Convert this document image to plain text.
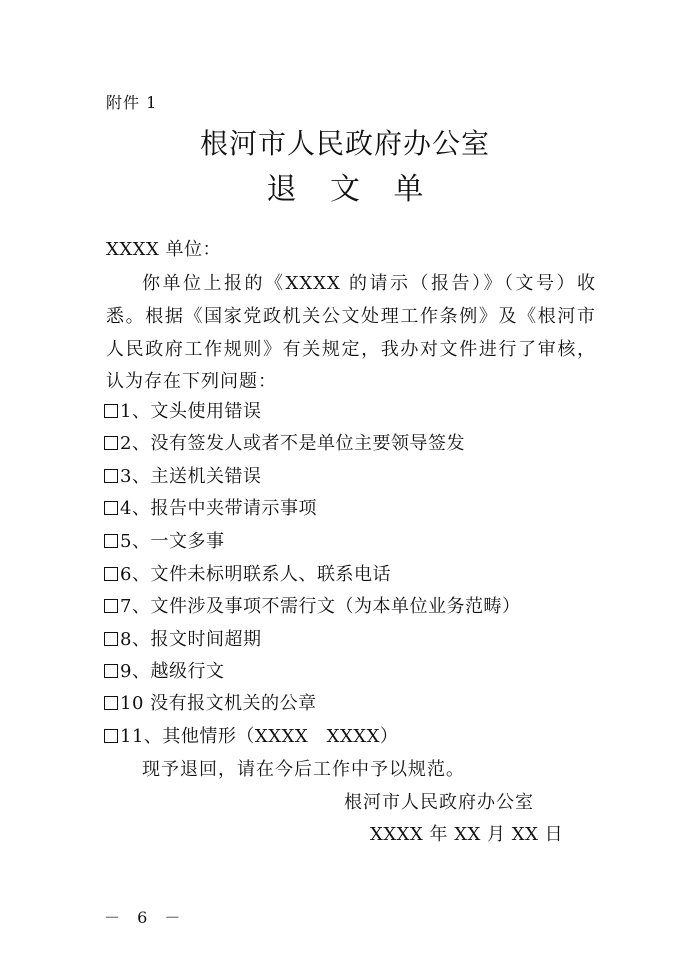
附件 1
根河市人民政府办公室
退 文 单
XXXX 单位：

你单位上报的《XXXX 的请示（报告）》（文号）收悉。根据《国家党政机关公文处理工作条例》及《根河市人民政府工作规则》有关规定，我办对文件进行了审核，认为存在下列问题：

1、文头使用错误
2、没有签发人或者不是单位主要领导签发
3、主送机关错误
4、报告中夹带请示事项
5、一文多事
6、文件未标明联系人、联系电话
7、文件涉及事项不需行文（为本单位业务范畴）
8、报文时间超期
9、越级行文
10 没有报文机关的公章
11、其他情形（XXXX　XXXX）
现予退回，请在今后工作中予以规范。
根河市人民政府办公室
XXXX 年 XX 月 XX 日
－ 6 －
